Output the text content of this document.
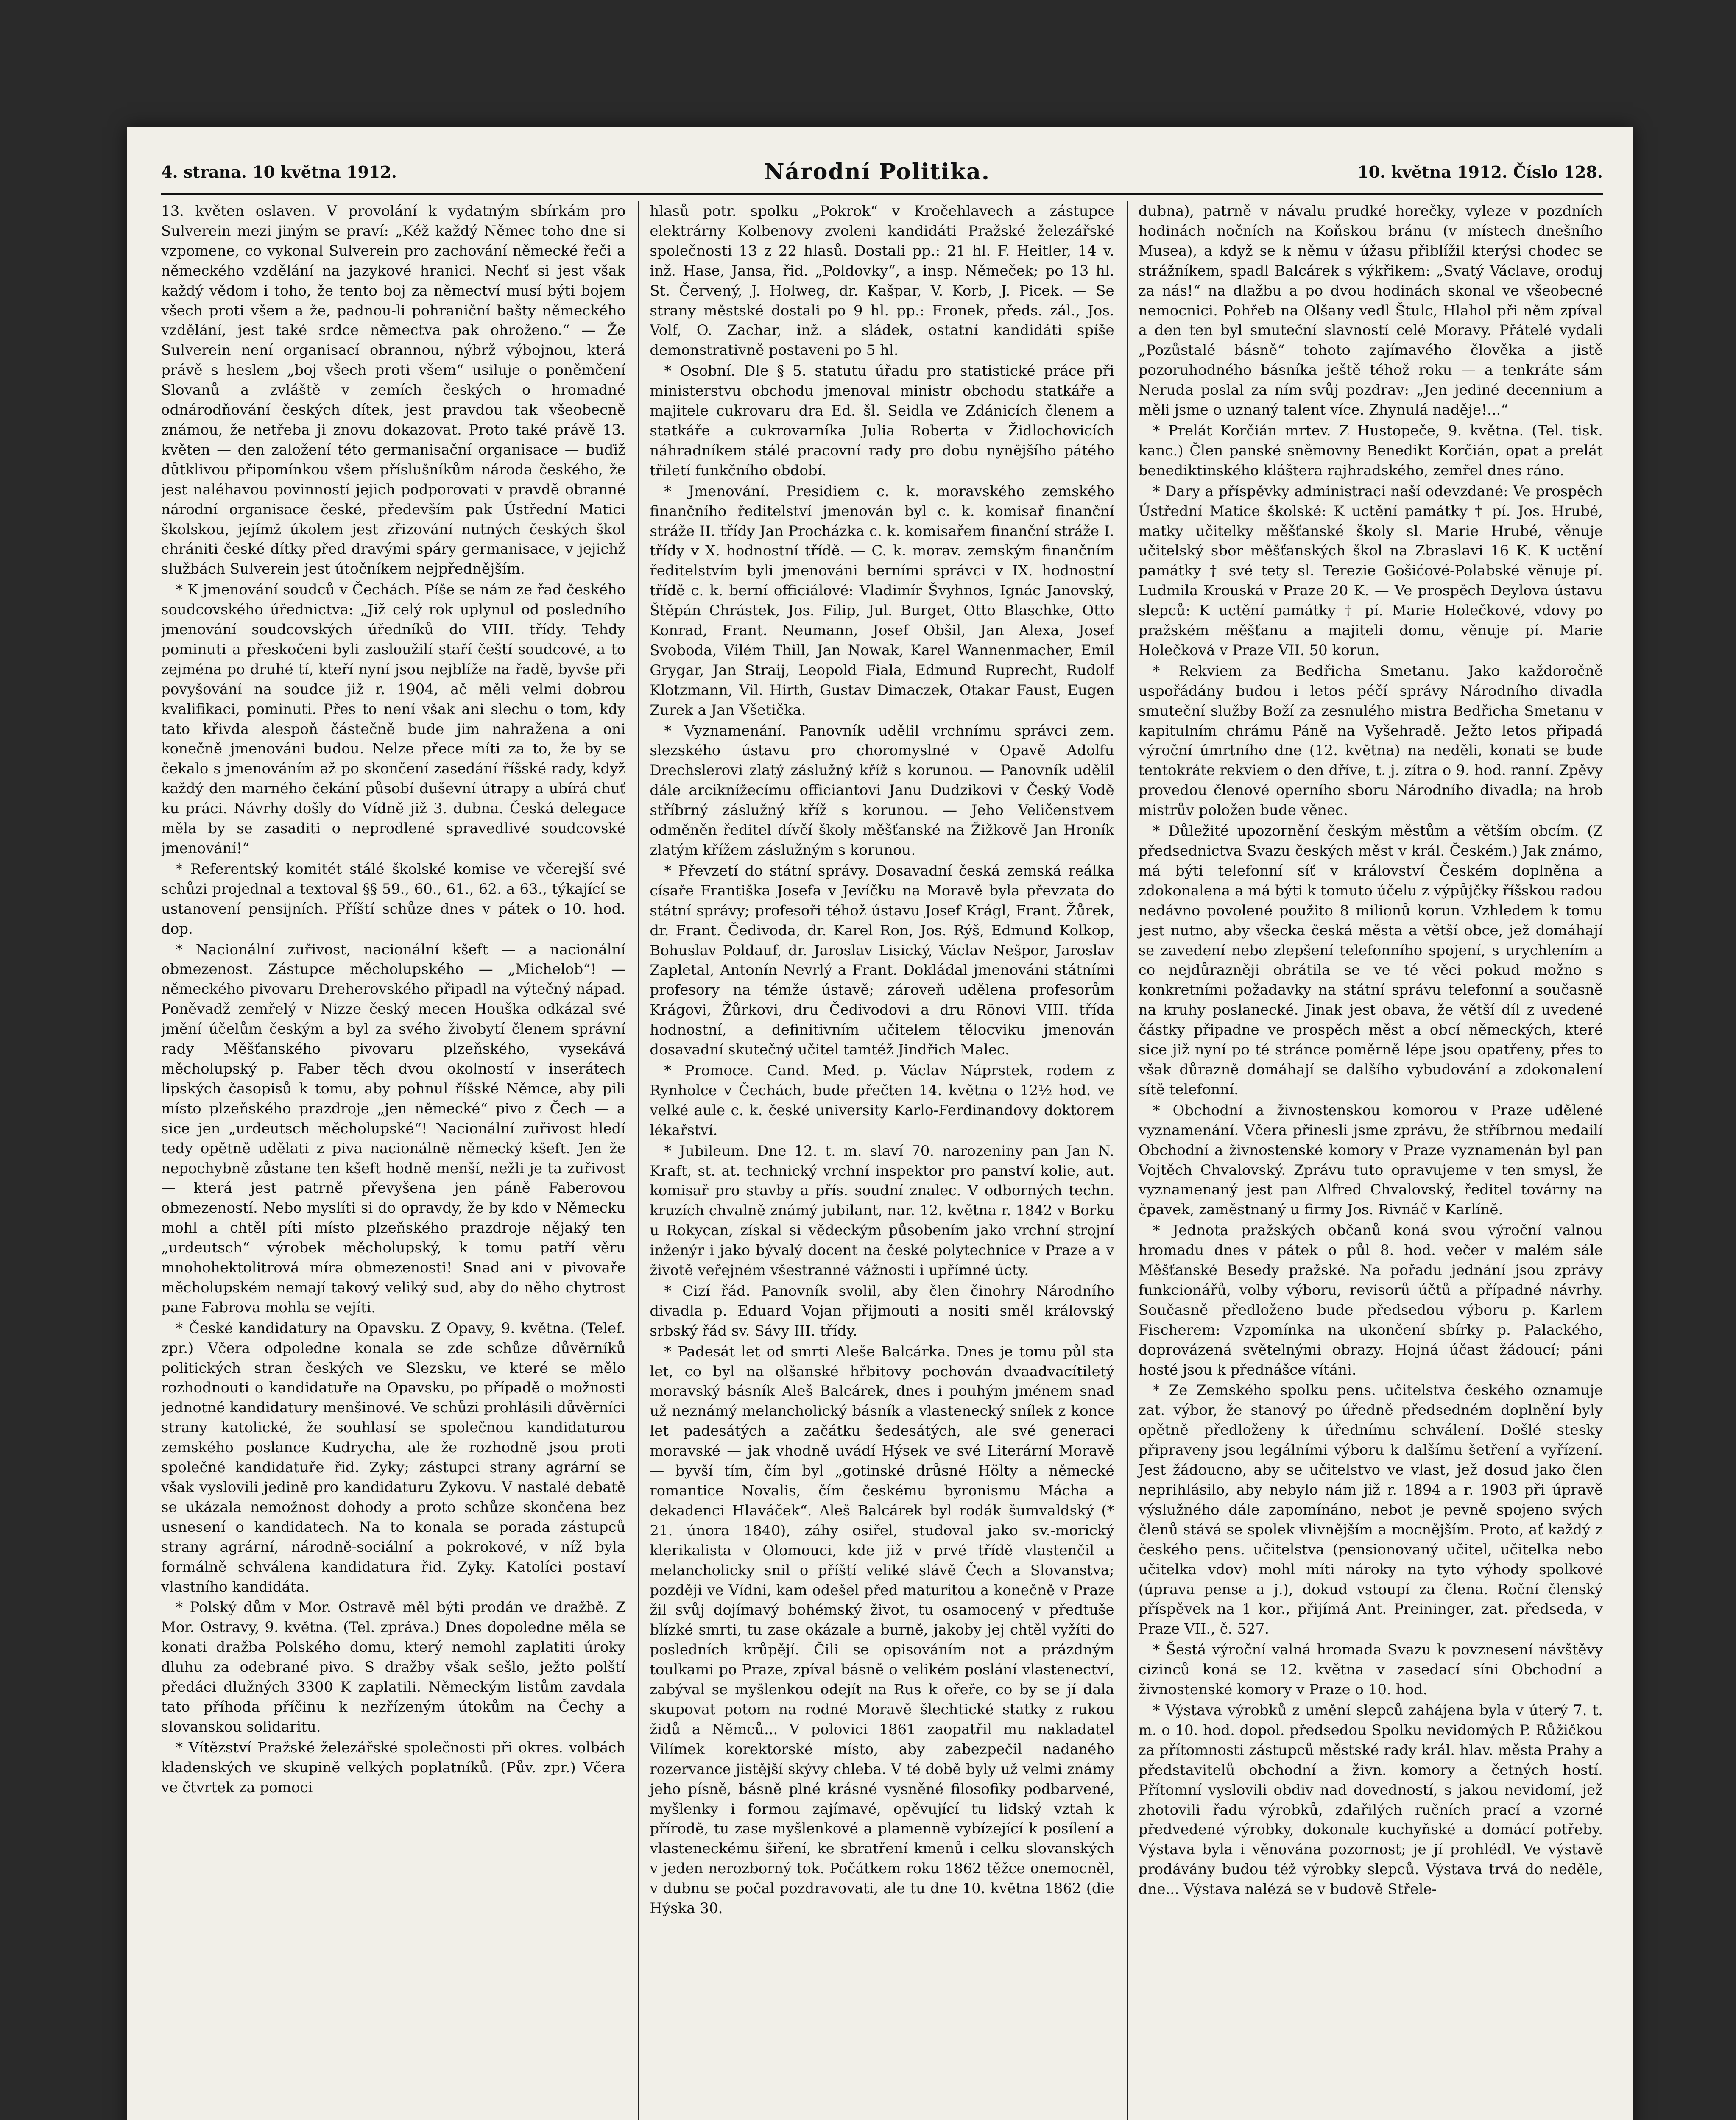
4. strana. 10 května 1912.	Národní Politika.	10. května 1912. Číslo 128.

13. květen oslaven. V provolání k vydatným sbírkám pro Sulverein mezi jiným se praví: „Kéž každý Němec toho dne si vzpomene, co vykonal Sulverein pro zachování německé řeči a německého vzdělání na jazykové hranici. Nechť si jest však každý vědom i toho, že tento boj za němectví musí býti bojem všech proti všem a že, padnou-li pohraniční bašty německého vzdělání, jest také srdce němectva pak ohroženo.“ — Že Sulverein není organisací obrannou, nýbrž výbojnou, která právě s heslem „boj všech proti všem“ usiluje o poněmčení Slovanů a zvláště v zemích českých o hromadné odnárodňování českých dítek, jest pravdou tak všeobecně známou, že netřeba ji znovu dokazovat. Proto také právě 13. květen — den založení této germanisační organisace — buďiž důtklivou připomínkou všem příslušníkům národa českého, že jest naléhavou povinností jejich podporovati v pravdě obranné národní organisace české, především pak Ústřední Matici školskou, jejímž úkolem jest zřizování nutných českých škol chrániti české dítky před dravými spáry germanisace, v jejichž službách Sulverein jest útočníkem nejpřednějším.

* K jmenování soudců v Čechách. Píše se nám ze řad českého soudcovského úřednictva: „Již celý rok uplynul od posledního jmenování soudcovských úředníků do VIII. třídy. Tehdy pominuti a přeskočeni byli zasloužilí staří čeští soudcové, a to zejména po druhé tí, kteří nyní jsou nejblíže na řadě, byvše při povyšování na soudce již r. 1904, ač měli velmi dobrou kvalifikaci, pominuti. Přes to není však ani slechu o tom, kdy tato křivda alespoň částečně bude jim nahražena a oni konečně jmenováni budou. Nelze přece míti za to, že by se čekalo s jmenováním až po skončení zasedání říšské rady, když každý den marného čekání působí duševní útrapy a ubírá chuť ku práci. Návrhy došly do Vídně již 3. dubna. Česká delegace měla by se zasaditi o neprodlené spravedlivé soudcovské jmenování!“

* Referentský komitét stálé školské komise ve včerejší své schůzi projednal a textoval §§ 59., 60., 61., 62. a 63., týkající se ustanovení pensijních. Příští schůze dnes v pátek o 10. hod. dop.

* Nacionální zuřivost, nacionální kšeft — a nacionální obmezenost. Zástupce měcholupského — „Michelob“! — německého pivovaru Dreherovského připadl na výtečný nápad. Poněvadž zemřelý v Nizze český mecen Houška odkázal své jmění účelům českým a byl za svého živobytí členem správní rady Měšťanského pivovaru plzeňského, vysekává měcholupský p. Faber těch dvou okolností v inserátech lipských časopisů k tomu, aby pohnul říšské Němce, aby pili místo plzeňského prazdroje „jen německé“ pivo z Čech — a sice jen „urdeutsch měcholupské“! Nacionální zuřivost hledí tedy opětně udělati z piva nacionálně německý kšeft. Jen že nepochybně zůstane ten kšeft hodně menší, nežli je ta zuřivost — která jest patrně převyšena jen páně Faberovou obmezeností. Nebo myslíti si do opravdy, že by kdo v Německu mohl a chtěl píti místo plzeňského prazdroje nějaký ten „urdeutsch“ výrobek měcholupský, k tomu patří věru mnohohektolitrová míra obmezenosti! Snad ani v pivovaře měcholupském nemají takový veliký sud, aby do něho chytrost pane Fabrova mohla se vejíti.

* České kandidatury na Opavsku. Z Opavy, 9. května. (Telef. zpr.) Včera odpoledne konala se zde schůze důvěrníků politických stran českých ve Slezsku, ve které se mělo rozhodnouti o kandidatuře na Opavsku, po případě o možnosti jednotné kandidatury menšinové. Ve schůzi prohlásili důvěrníci strany katolické, že souhlasí se společnou kandidaturou zemského poslance Kudrycha, ale že rozhodně jsou proti společné kandidatuře řid. Zyky; zástupci strany agrární se však vyslovili jedině pro kandidaturu Zykovu. V nastalé debatě se ukázala nemožnost dohody a proto schůze skončena bez usnesení o kandidatech. Na to konala se porada zástupců strany agrární, národně-sociální a pokrokové, v níž byla formálně schválena kandidatura řid. Zyky. Katolíci postaví vlastního kandidáta.

* Polský dům v Mor. Ostravě měl býti prodán ve dražbě. Z Mor. Ostravy, 9. května. (Tel. zpráva.) Dnes dopoledne měla se konati dražba Polského domu, který nemohl zaplatiti úroky dluhu za odebrané pivo. S dražby však sešlo, ježto polští předáci dlužných 3300 K zaplatili. Německým listům zavdala tato příhoda příčinu k nezřízeným útokům na Čechy a slovanskou solidaritu.

* Vítězství Pražské železářské společnosti při okres. volbách kladenských ve skupině velkých poplatníků. (Pův. zpr.) Včera ve čtvrtek za pomoci

hlasů potr. spolku „Pokrok“ v Kročehlavech a zástupce elektrárny Kolbenovy zvoleni kandidáti Pražské železářské společnosti 13 z 22 hlasů. Dostali pp.: 21 hl. F. Heitler, 14 v. inž. Hase, Jansa, řid. „Poldovky“, a insp. Němeček; po 13 hl. St. Červený, J. Holweg, dr. Kašpar, V. Korb, J. Picek. — Se strany městské dostali po 9 hl. pp.: Fronek, předs. zál., Jos. Volf, O. Zachar, inž. a sládek, ostatní kandidáti spíše demonstrativně postaveni po 5 hl.

* Osobní. Dle § 5. statutu úřadu pro statistické práce při ministerstvu obchodu jmenoval ministr obchodu statkáře a majitele cukrovaru dra Ed. šl. Seidla ve Zdánicích členem a statkáře a cukrovarníka Julia Roberta v Židlochovicích náhradníkem stálé pracovní rady pro dobu nynějšího pátého třiletí funkčního období.

* Jmenování. Presidiem c. k. moravského zemského finančního ředitelství jmenován byl c. k. komisař finanční stráže II. třídy Jan Procházka c. k. komisařem finanční stráže I. třídy v X. hodnostní třídě. — C. k. morav. zemským finančním ředitelstvím byli jmenováni berními správci v IX. hodnostní třídě c. k. berní officiálové: Vladimír Švyhnos, Ignác Janovský, Štěpán Chrástek, Jos. Filip, Jul. Burget, Otto Blaschke, Otto Konrad, Frant. Neumann, Josef Obšil, Jan Alexa, Josef Svoboda, Vilém Thill, Jan Nowak, Karel Wannenmacher, Emil Grygar, Jan Straij, Leopold Fiala, Edmund Ruprecht, Rudolf Klotzmann, Vil. Hirth, Gustav Dimaczek, Otakar Faust, Eugen Zurek a Jan Všetička.

* Vyznamenání. Panovník udělil vrchnímu správci zem. slezského ústavu pro choromyslné v Opavě Adolfu Drechslerovi zlatý záslužný kříž s korunou. — Panovník udělil dále arciknížecímu officiantovi Janu Dudzikovi v Český Vodě stříbrný záslužný kříž s korunou. — Jeho Veličenstvem odměněn ředitel dívčí školy měšťanské na Žižkově Jan Hroník zlatým křížem záslužným s korunou.

* Převzetí do státní správy. Dosavadní česká zemská reálka císaře Františka Josefa v Jevíčku na Moravě byla převzata do státní správy; profesoři téhož ústavu Josef Krágl, Frant. Žůrek, dr. Frant. Čedivoda, dr. Karel Ron, Jos. Rýš, Edmund Kolkop, Bohuslav Poldauf, dr. Jaroslav Lisický, Václav Nešpor, Jaroslav Zapletal, Antonín Nevrlý a Frant. Dokládal jmenováni státními profesory na témže ústavě; zároveň udělena profesorům Krágovi, Žůrkovi, dru Čedivodovi a dru Rönovi VIII. třída hodnostní, a definitivním učitelem tělocviku jmenován dosavadní skutečný učitel tamtéž Jindřich Malec.

* Promoce. Cand. Med. p. Václav Náprstek, rodem z Rynholce v Čechách, bude přečten 14. května o 12½ hod. ve velké aule c. k. české university Karlo-Ferdinandovy doktorem lékařství.

* Jubileum. Dne 12. t. m. slaví 70. narozeniny pan Jan N. Kraft, st. at. technický vrchní inspektor pro panství kolie, aut. komisař pro stavby a přís. soudní znalec. V odborných techn. kruzích chvalně známý jubilant, nar. 12. května r. 1842 v Borku u Rokycan, získal si vědeckým působením jako vrchní strojní inženýr i jako bývalý docent na české polytechnice v Praze a v životě veřejném všestranné vážnosti i upřímné úcty.

* Cizí řád. Panovník svolil, aby člen činohry Národního divadla p. Eduard Vojan přijmouti a nositi směl královský srbský řád sv. Sávy III. třídy.

* Padesát let od smrti Aleše Balcárka. Dnes je tomu půl sta let, co byl na olšanské hřbitovy pochován dvaadvacítiletý moravský básník Aleš Balcárek, dnes i pouhým jménem snad už neznámý melancholický básník a vlastenecký snílek z konce let padesátých a začátku šedesátých, ale své generaci moravské — jak vhodně uvádí Hýsek ve své Literární Moravě — byvší tím, čím byl „gotinské drůsné Hölty a německé romantice Novalis, čím českému byronismu Mácha a dekadenci Hlaváček“. Aleš Balcárek byl rodák šumvaldský (* 21. února 1840), záhy osiřel, studoval jako sv.-morický klerikalista v Olomouci, kde již v prvé třídě vlastenčil a melancholicky snil o příští veliké slávě Čech a Slovanstva; později ve Vídni, kam odešel před maturitou a konečně v Praze žil svůj dojímavý bohémský život, tu osamocený v předtuše blízké smrti, tu zase okázale a burně, jakoby jej chtěl vyžíti do posledních krůpějí. Čili se opisováním not a prázdným toulkami po Praze, zpíval básně o velikém poslání vlastenectví, zabýval se myšlenkou odejít na Rus k ořeře, co by se jí dala skupovat potom na rodné Moravě šlechtické statky z rukou židů a Němců... V polovici 1861 zaopatřil mu nakladatel Vilímek korektorské místo, aby zabezpečil nadaného rozervance jistější skývy chleba. V té době byly už velmi známy jeho písně, básně plné krásné vysněné filosofiky podbarvené, myšlenky i formou zajímavé, opěvující tu lidský vztah k přírodě, tu zase myšlenkové a plamenně vybízející k posílení a vlasteneckému šiření, ke sbratření kmenů i celku slovanských v jeden nerozborný tok. Počátkem roku 1862 těžce onemocněl, v dubnu se počal pozdravovati, ale tu dne 10. května 1862 (die Hýska 30.

dubna), patrně v návalu prudké horečky, vyleze v pozdních hodinách nočních na Koňskou bránu (v místech dnešního Musea), a když se k němu v úžasu přiblížil kterýsi chodec se strážníkem, spadl Balcárek s výkřikem: „Svatý Václave, oroduj za nás!“ na dlažbu a po dvou hodinách skonal ve všeobecné nemocnici. Pohřeb na Olšany vedl Štulc, Hlahol při něm zpíval a den ten byl smuteční slavností celé Moravy. Přátelé vydali „Pozůstalé básně“ tohoto zajímavého člověka a jistě pozoruhodného básníka ještě téhož roku — a tenkráte sám Neruda poslal za ním svůj pozdrav: „Jen jediné decennium a měli jsme o uznaný talent více. Zhynulá naděje!...“

* Prelát Korčián mrtev. Z Hustopeče, 9. května. (Tel. tisk. kanc.) Člen panské sněmovny Benedikt Korčián, opat a prelát benediktinského kláštera rajhradského, zemřel dnes ráno.

* Dary a příspěvky administraci naší odevzdané: Ve prospěch Ústřední Matice školské: K uctění památky † pí. Jos. Hrubé, matky učitelky měšťanské školy sl. Marie Hrubé, věnuje učitelský sbor měšťanských škol na Zbraslavi 16 K. K uctění památky † své tety sl. Terezie Gošićové-Polabské věnuje pí. Ludmila Krouská v Praze 20 K. — Ve prospěch Deylova ústavu slepců: K uctění památky † pí. Marie Holečkové, vdovy po pražském měšťanu a majiteli domu, věnuje pí. Marie Holečková v Praze VII. 50 korun.

* Rekviem za Bedřicha Smetanu. Jako každoročně uspořádány budou i letos péčí správy Národního divadla smuteční služby Boží za zesnulého mistra Bedřicha Smetanu v kapitulním chrámu Páně na Vyšehradě. Ježto letos připadá výroční úmrtního dne (12. května) na neděli, konati se bude tentokráte rekviem o den dříve, t. j. zítra o 9. hod. ranní. Zpěvy provedou členové operního sboru Národního divadla; na hrob mistrův položen bude věnec.

* Důležité upozornění českým městům a větším obcím. (Z předsednictva Svazu českých měst v král. Českém.) Jak známo, má býti telefonní síť v království Českém doplněna a zdokonalena a má býti k tomuto účelu z výpůjčky říšskou radou nedávno povolené použito 8 milionů korun. Vzhledem k tomu jest nutno, aby všecka česká města a větší obce, jež domáhají se zavedení nebo zlepšení telefonního spojení, s urychlením a co nejdůrazněji obrátila se ve té věci pokud možno s konkretními požadavky na státní správu telefonní a současně na kruhy poslanecké. Jinak jest obava, že větší díl z uvedené částky připadne ve prospěch měst a obcí německých, které sice již nyní po té stránce poměrně lépe jsou opatřeny, přes to však důrazně domáhají se dalšího vybudování a zdokonalení sítě telefonní.

* Obchodní a živnostenskou komorou v Praze udělené vyznamenání. Včera přinesli jsme zprávu, že stříbrnou medailí Obchodní a živnostenské komory v Praze vyznamenán byl pan Vojtěch Chvalovský. Zprávu tuto opravujeme v ten smysl, že vyznamenaný jest pan Alfred Chvalovský, ředitel továrny na čpavek, zaměstnaný u firmy Jos. Rivnáč v Karlíně.

* Jednota pražských občanů koná svou výroční valnou hromadu dnes v pátek o půl 8. hod. večer v malém sále Měšťanské Besedy pražské. Na pořadu jednání jsou zprávy funkcionářů, volby výboru, revisorů účtů a případné návrhy. Současně předloženo bude předsedou výboru p. Karlem Fischerem: Vzpomínka na ukončení sbírky p. Palackého, doprovázená světelnými obrazy. Hojná účast žádoucí; páni hosté jsou k přednášce vítáni.

* Ze Zemského spolku pens. učitelstva českého oznamuje zat. výbor, že stanový po úředně předsedném doplnění byly opětně předloženy k úřednímu schválení. Došlé stesky připraveny jsou legálními výboru k dalšímu šetření a vyřízení. Jest žádoucno, aby se učitelstvo ve vlast, jež dosud jako člen neprihlásilo, aby nebylo nám již r. 1894 a r. 1903 při úpravě výslužného dále zapomínáno, nebot je pevně spojeno svých členů stává se spolek vlivnějším a mocnějším. Proto, ať každý z českého pens. učitelstva (pensionovaný učitel, učitelka nebo učitelka vdov) mohl míti nároky na tyto výhody spolkové (úprava pense a j.), dokud vstoupí za člena. Roční členský příspěvek na 1 kor., přijímá Ant. Preininger, zat. předseda, v Praze VII., č. 527.

* Šestá výroční valná hromada Svazu k povznesení návštěvy cizinců koná se 12. května v zasedací síni Obchodní a živnostenské komory v Praze o 10. hod.

* Výstava výrobků z umění slepců zahájena byla v úterý 7. t. m. o 10. hod. dopol. předsedou Spolku nevidomých P. Růžičkou za přítomnosti zástupců městské rady král. hlav. města Prahy a představitelů obchodní a živn. komory a četných hostí. Přítomní vyslovili obdiv nad dovedností, s jakou nevidomí, jež zhotovili řadu výrobků, zdařilých ručních prací a vzorné předvedené výrobky, dokonale kuchyňské a domácí potřeby. Výstava byla i věnována pozornost; je jí prohlédl. Ve výstavě prodávány budou též výrobky slepců. Výstava trvá do neděle, dne... Výstava nalézá se v budově Střele-
